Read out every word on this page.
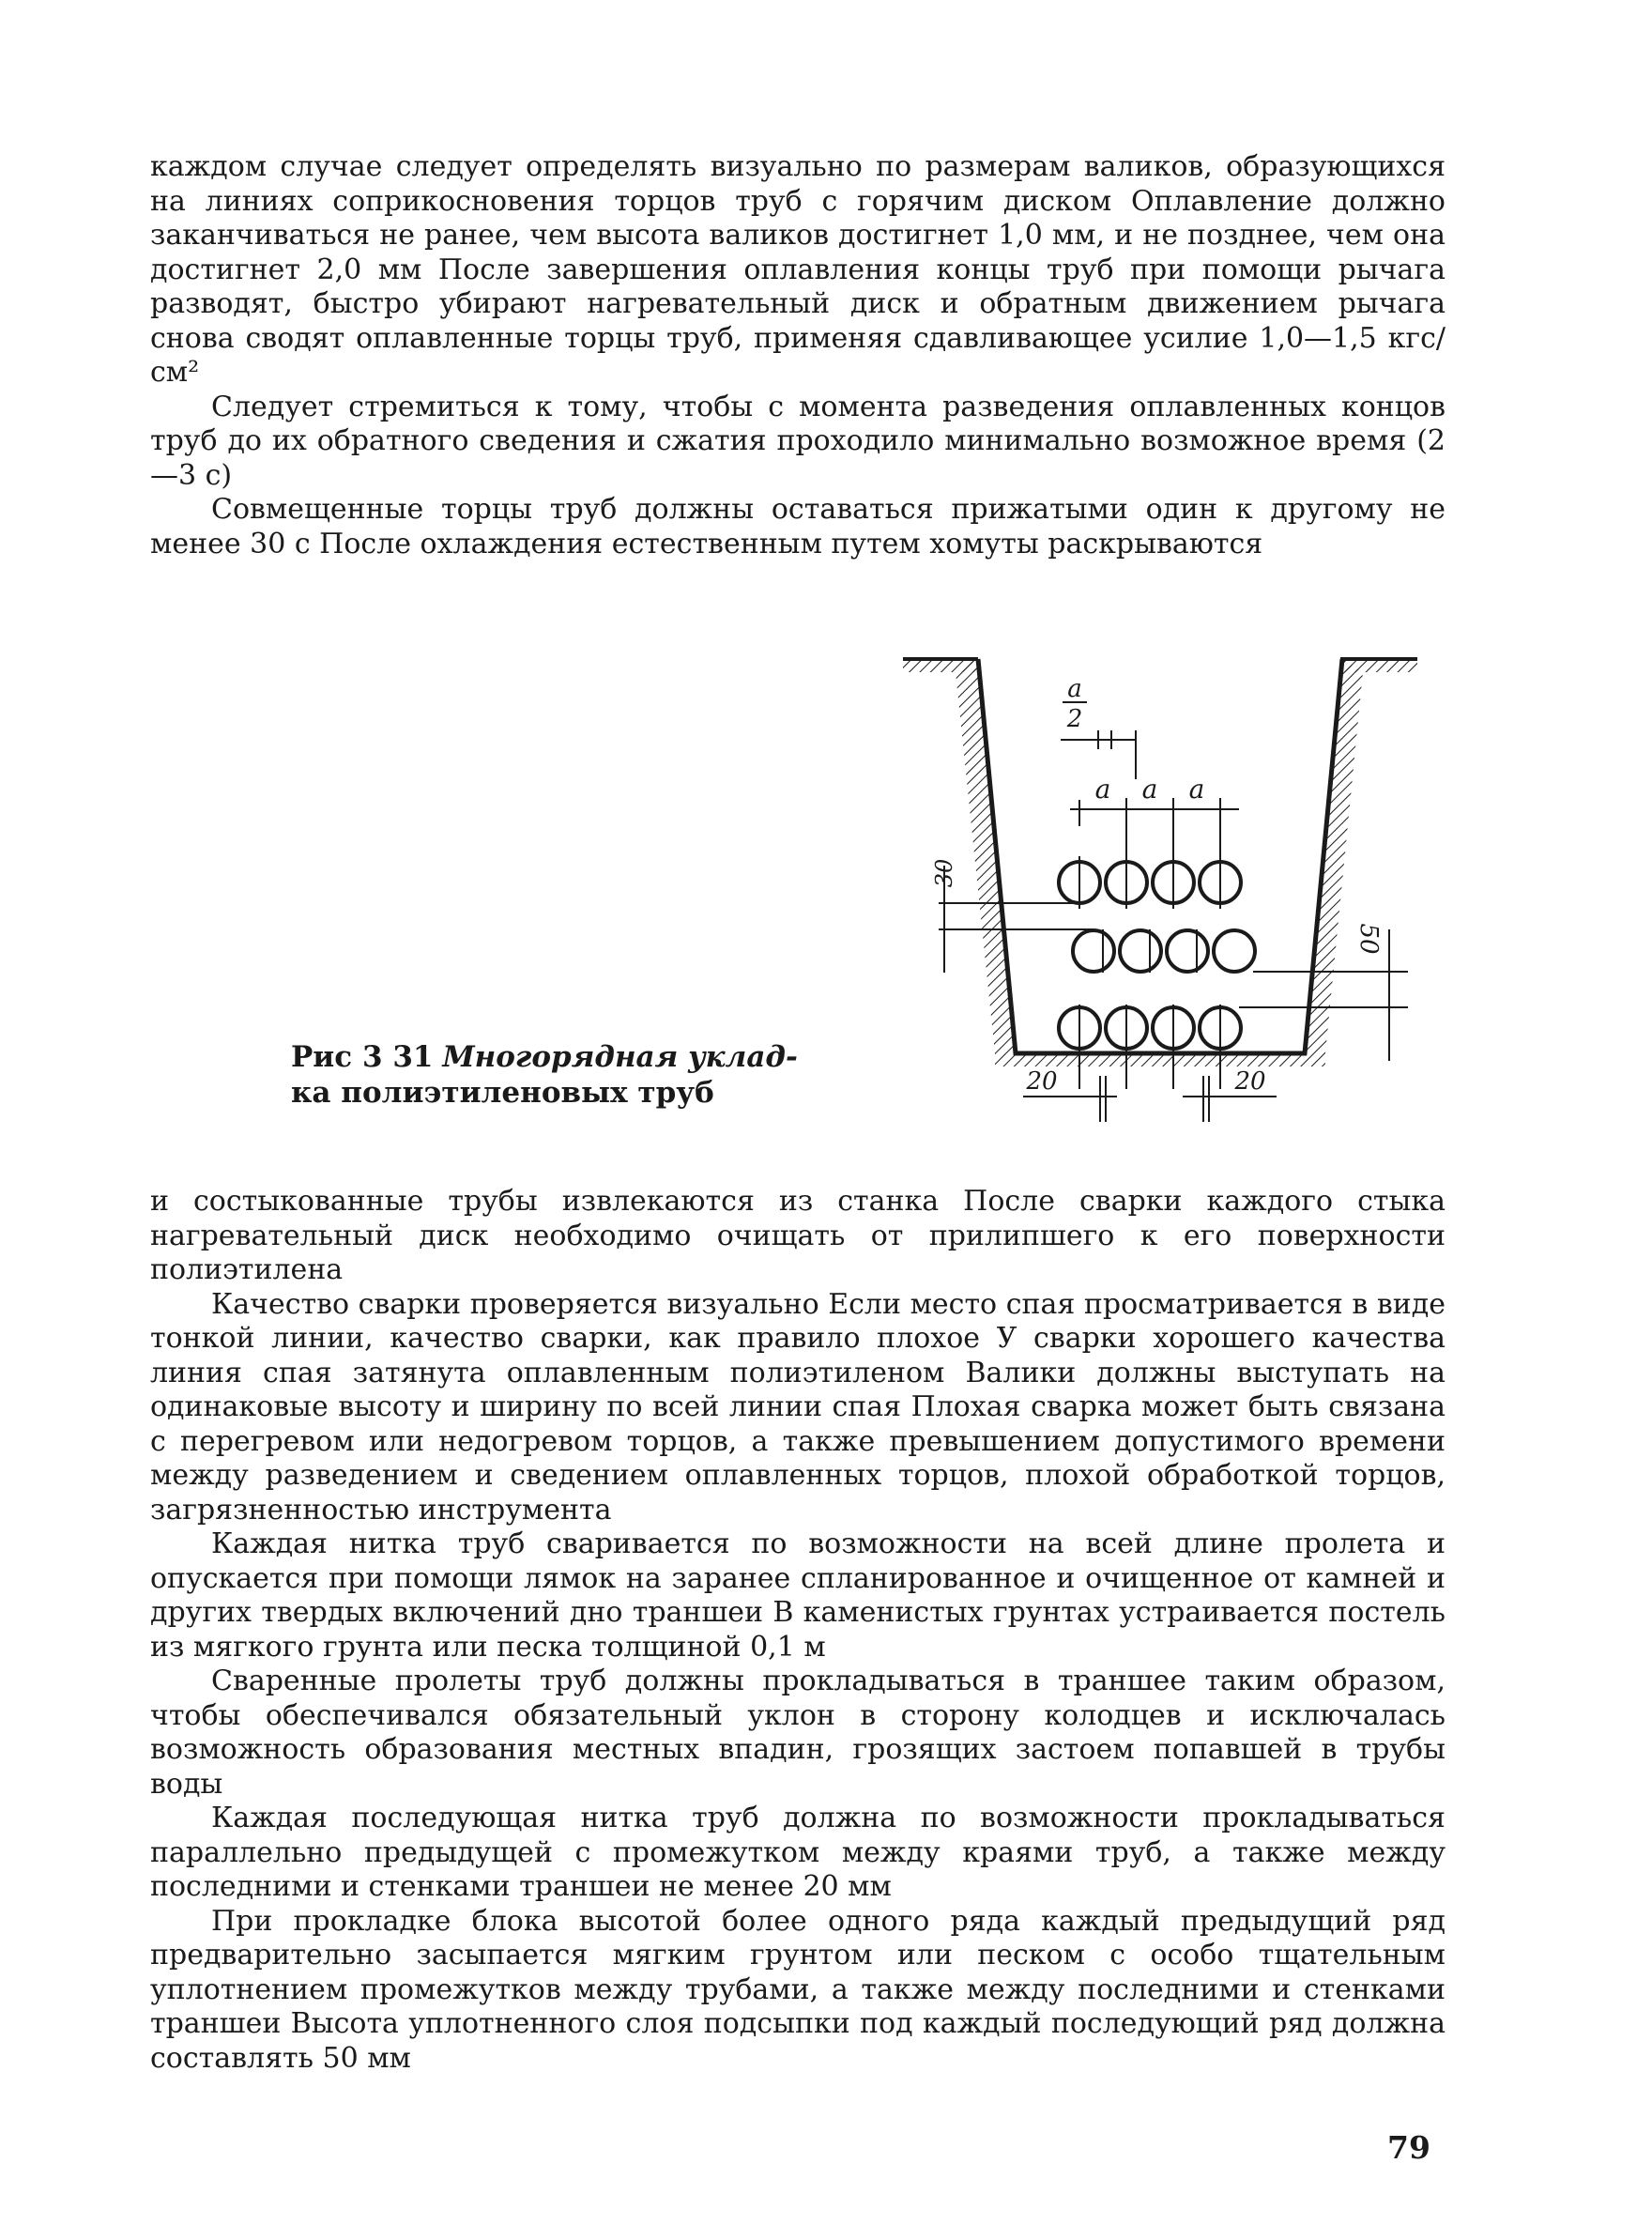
каждом случае следует определять визуально по размерам валиков, образующихся на линиях соприкосновения торцов труб с горячим диском Оплавление должно заканчиваться не ранее, чем высота валиков достигнет 1,0 мм, и не позднее, чем она достигнет 2,0 мм После завершения оплавления концы труб при помощи рычага разводят, быстро убирают нагревательный диск и обратным движением рычага снова сводят оплавленные торцы труб, применяя сдавливающее усилие 1,0—1,5 кгс/см²

Следует стремиться к тому, чтобы с момента разведения оплавленных концов труб до их обратного сведения и сжатия проходило минимально возможное время (2—3 с)

Совмещенные торцы труб должны оставаться прижатыми один к другому не менее 30 с После охлаждения естественным путем хомуты раскрываются

a
2
a a a
30
50
20	20
Рис 3 31 Многорядная уклад-
ка полиэтиленовых труб

и состыкованные трубы извлекаются из станка После сварки каждого стыка нагревательный диск необходимо очищать от прилипшего к его поверхности полиэтилена

Качество сварки проверяется визуально Если место спая просматривается в виде тонкой линии, качество сварки, как правило плохое У сварки хорошего качества линия спая затянута оплавленным полиэтиленом Валики должны выступать на одинаковые высоту и ширину по всей линии спая Плохая сварка может быть связана с перегревом или недогревом торцов, а также превышением допустимого времени между разведением и сведением оплавленных торцов, плохой обработкой торцов, загрязненностью инструмента

Каждая нитка труб сваривается по возможности на всей длине пролета и опускается при помощи лямок на заранее спланированное и очищенное от камней и других твердых включений дно траншеи В каменистых грунтах устраивается постель из мягкого грунта или песка толщиной 0,1 м

Сваренные пролеты труб должны прокладываться в траншее таким образом, чтобы обеспечивался обязательный уклон в сторону колодцев и исключалась возможность образования местных впадин, грозящих застоем попавшей в трубы воды

Каждая последующая нитка труб должна по возможности прокладываться параллельно предыдущей с промежутком между краями труб, а также между последними и стенками траншеи не менее 20 мм

При прокладке блока высотой более одного ряда каждый предыдущий ряд предварительно засыпается мягким грунтом или песком с особо тщательным уплотнением промежутков между трубами, а также между последними и стенками траншеи Высота уплотненного слоя подсыпки под каждый последующий ряд должна составлять 50 мм

79
